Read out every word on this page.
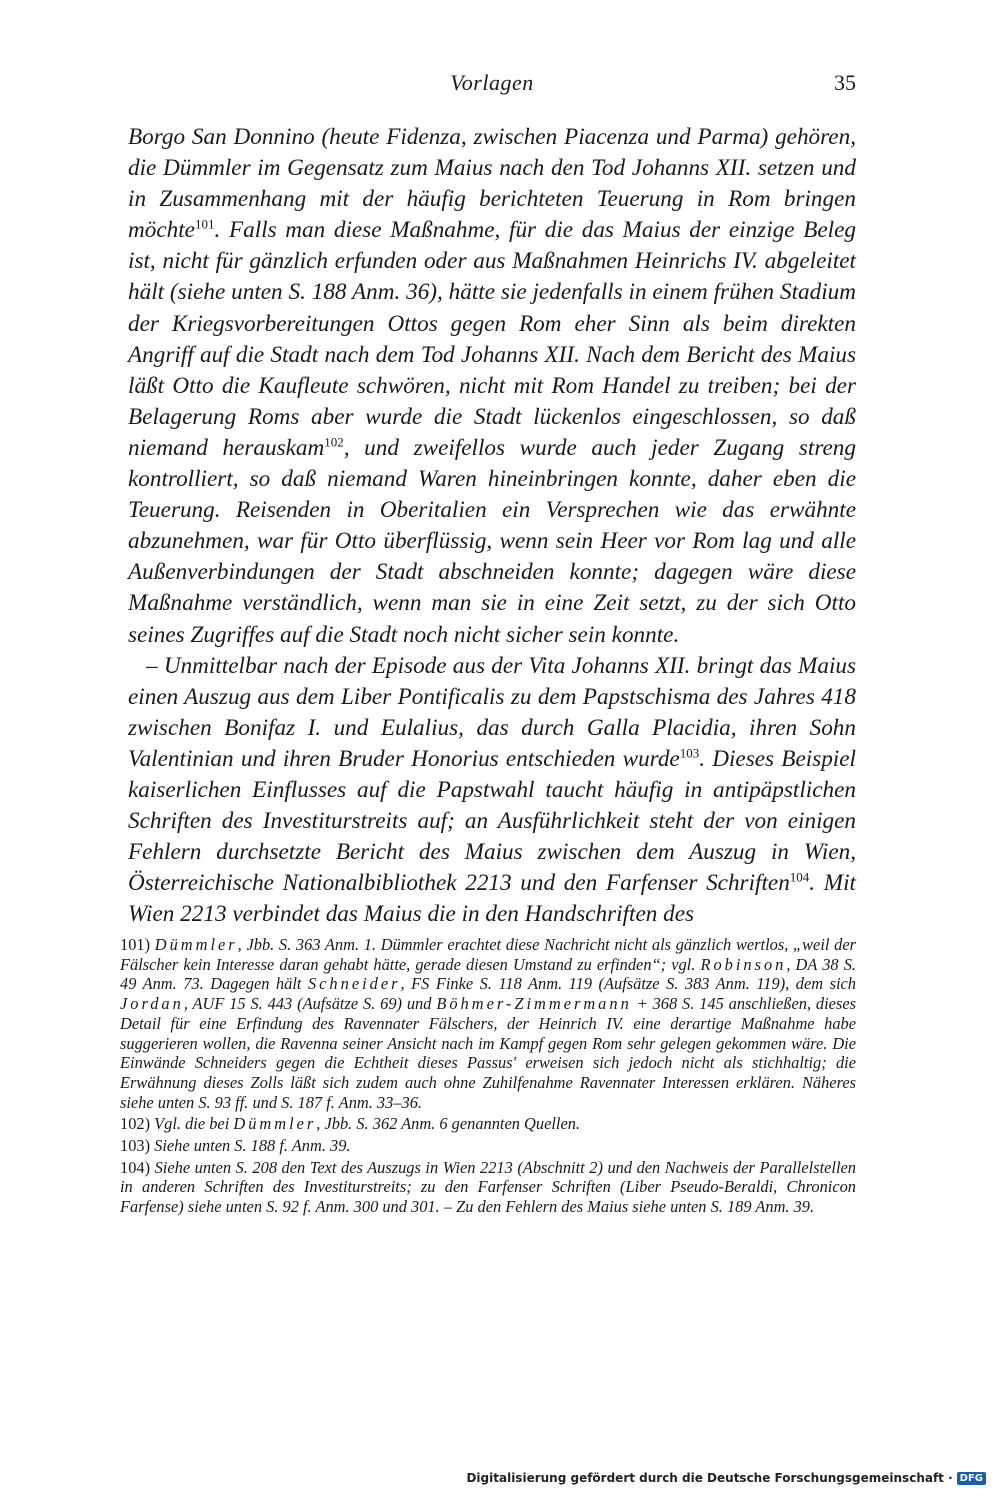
Vorlagen	35

Borgo San Donnino (heute Fidenza, zwischen Piacenza und Parma) gehören, die Dümmler im Gegensatz zum Maius nach den Tod Johanns XII. setzen und in Zusammenhang mit der häufig berichteten Teuerung in Rom bringen möchte$^{101}$. Falls man diese Maßnahme, für die das Maius der einzige Beleg ist, nicht für gänzlich erfunden oder aus Maßnahmen Heinrichs IV. abgeleitet hält (siehe unten S. 188 Anm. 36), hätte sie jedenfalls in einem frühen Stadium der Kriegsvorbereitungen Ottos gegen Rom eher Sinn als beim direkten Angriff auf die Stadt nach dem Tod Johanns XII. Nach dem Bericht des Maius läßt Otto die Kaufleute schwören, nicht mit Rom Handel zu treiben; bei der Belagerung Roms aber wurde die Stadt lückenlos eingeschlossen, so daß niemand herauskam$^{102}$, und zweifellos wurde auch jeder Zugang streng kontrolliert, so daß niemand Waren hineinbringen konnte, daher eben die Teuerung. Reisenden in Oberitalien ein Versprechen wie das erwähnte abzunehmen, war für Otto überflüssig, wenn sein Heer vor Rom lag und alle Außenverbindungen der Stadt abschneiden konnte; dagegen wäre diese Maßnahme verständlich, wenn man sie in eine Zeit setzt, zu der sich Otto seines Zugriffes auf die Stadt noch nicht sicher sein konnte.

– Unmittelbar nach der Episode aus der Vita Johanns XII. bringt das Maius einen Auszug aus dem Liber Pontificalis zu dem Papstschisma des Jahres 418 zwischen Bonifaz I. und Eulalius, das durch Galla Placidia, ihren Sohn Valentinian und ihren Bruder Honorius entschieden wurde$^{103}$. Dieses Beispiel kaiserlichen Einflusses auf die Papstwahl taucht häufig in antipäpstlichen Schriften des Investiturstreits auf; an Ausführlichkeit steht der von einigen Fehlern durchsetzte Bericht des Maius zwischen dem Auszug in Wien, Österreichische Nationalbibliothek 2213 und den Farfenser Schriften$^{104}$. Mit Wien 2213 verbindet das Maius die in den Handschriften des

101) Dümmler, Jbb. S. 363 Anm. 1. Dümmler erachtet diese Nachricht nicht als gänzlich wertlos, „weil der Fälscher kein Interesse daran gehabt hätte, gerade diesen Umstand zu erfinden“; vgl. Robinson, DA 38 S. 49 Anm. 73. Dagegen hält Schneider, FS Finke S. 118 Anm. 119 (Aufsätze S. 383 Anm. 119), dem sich Jordan, AUF 15 S. 443 (Aufsätze S. 69) und Böhmer-Zimmermann + 368 S. 145 anschließen, dieses Detail für eine Erfindung des Ravennater Fälschers, der Heinrich IV. eine derartige Maßnahme habe suggerieren wollen, die Ravenna seiner Ansicht nach im Kampf gegen Rom sehr gelegen gekommen wäre. Die Einwände Schneiders gegen die Echtheit dieses Passus' erweisen sich jedoch nicht als stichhaltig; die Erwähnung dieses Zolls läßt sich zudem auch ohne Zuhilfenahme Ravennater Interessen erklären. Näheres siehe unten S. 93 ff. und S. 187 f. Anm. 33–36.

102) Vgl. die bei Dümmler, Jbb. S. 362 Anm. 6 genannten Quellen.

103) Siehe unten S. 188 f. Anm. 39.

104) Siehe unten S. 208 den Text des Auszugs in Wien 2213 (Abschnitt 2) und den Nachweis der Parallelstellen in anderen Schriften des Investiturstreits; zu den Farfenser Schriften (Liber Pseudo-Beraldi, Chronicon Farfense) siehe unten S. 92 f. Anm. 300 und 301. – Zu den Fehlern des Maius siehe unten S. 189 Anm. 39.

Digitalisierung gefördert durch die Deutsche Forschungsgemeinschaft · DFG
